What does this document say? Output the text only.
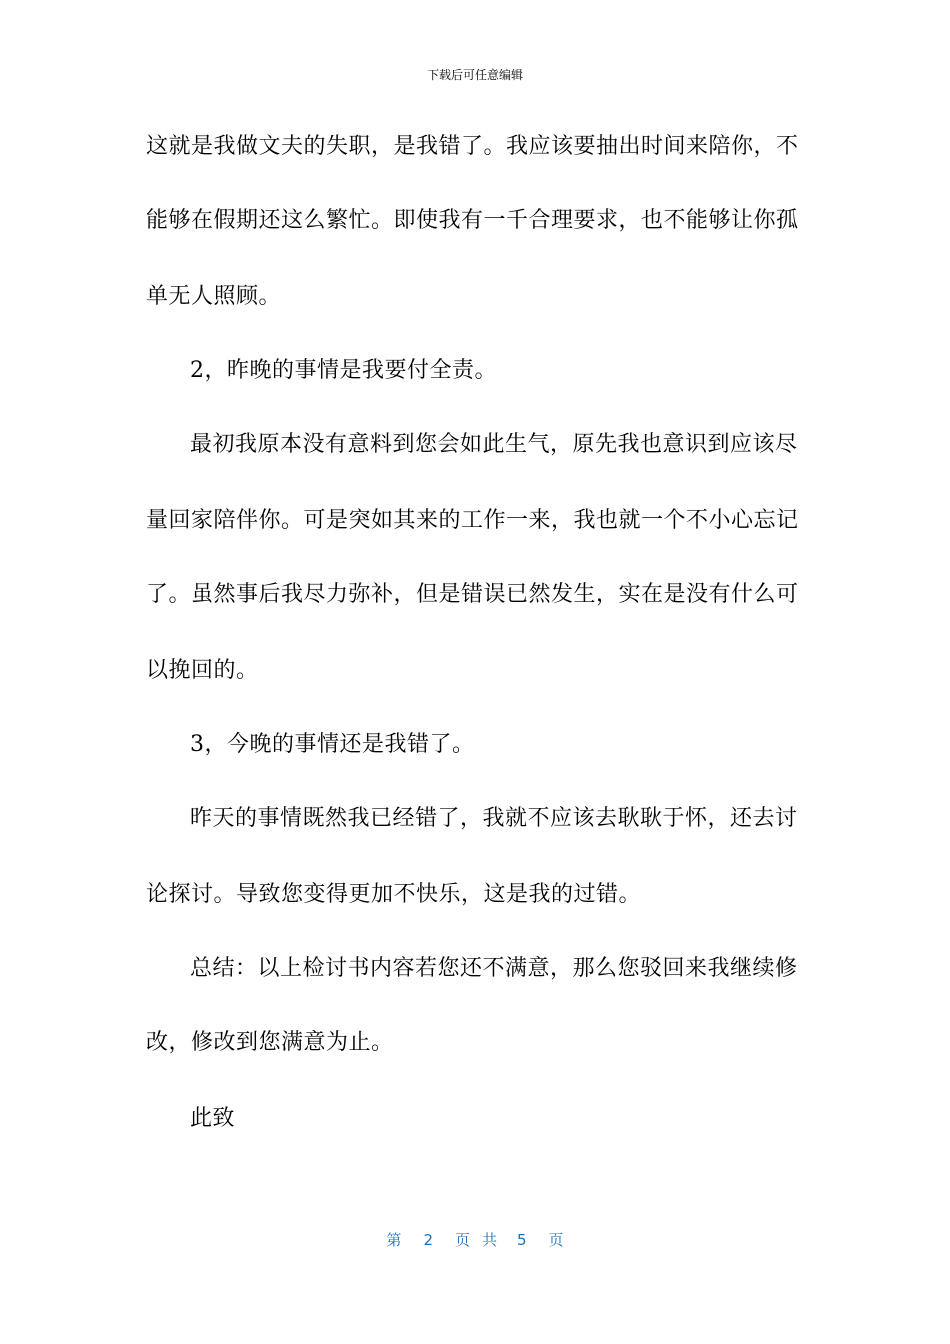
下载后可任意编辑
这就是我做文夫的失职，是我错了。我应该要抽出时间来陪你，不
能够在假期还这么繁忙。即使我有一千合理要求，也不能够让你孤
单无人照顾。
2，昨晚的事情是我要付全责。
最初我原本没有意料到您会如此生气，原先我也意识到应该尽
量回家陪伴你。可是突如其来的工作一来，我也就一个不小心忘记
了。虽然事后我尽力弥补，但是错误已然发生，实在是没有什么可
以挽回的。
3，今晚的事情还是我错了。
昨天的事情既然我已经错了，我就不应该去耿耿于怀，还去讨
论探讨。导致您变得更加不快乐，这是我的过错。
总结：以上检讨书内容若您还不满意，那么您驳回来我继续修
改，修改到您满意为止。
此致
第 2 页共 5 页
